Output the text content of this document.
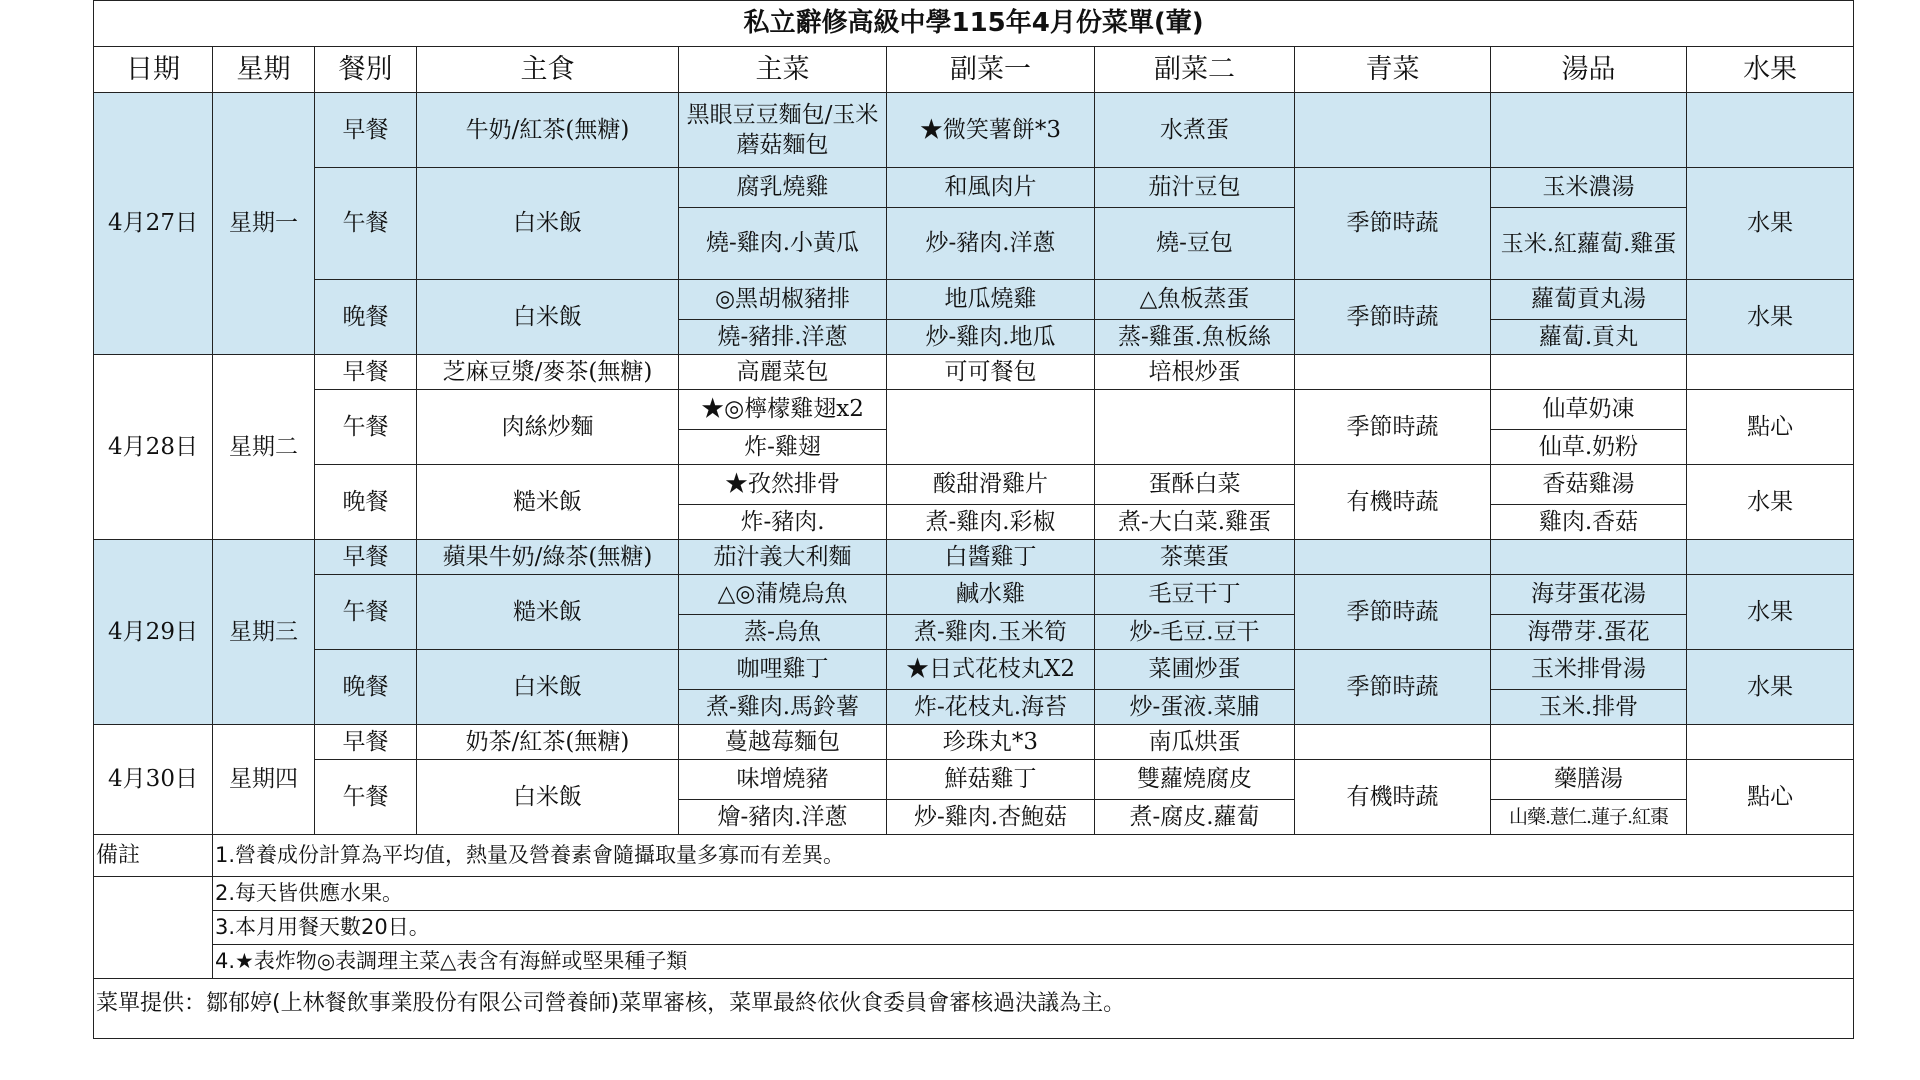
私立辭修高級中學115年4月份菜單(葷)									
日期	星期	餐別	主食	主菜	副菜一	副菜二	青菜	湯品	水果
4月27日	星期一	早餐	牛奶/紅茶(無糖)	黑眼豆豆麵包/玉米蘑菇麵包	★微笑薯餅*3	水煮蛋			
		午餐	白米飯	腐乳燒雞	和風肉片	茄汁豆包	季節時蔬	玉米濃湯	水果
				燒-雞肉.小黃瓜	炒-豬肉.洋蔥	燒-豆包		玉米.紅蘿蔔.雞蛋	
		晚餐	白米飯	◎黑胡椒豬排	地瓜燒雞	△魚板蒸蛋	季節時蔬	蘿蔔貢丸湯	水果
				燒-豬排.洋蔥	炒-雞肉.地瓜	蒸-雞蛋.魚板絲		蘿蔔.貢丸	
4月28日	星期二	早餐	芝麻豆漿/麥茶(無糖)	高麗菜包	可可餐包	培根炒蛋			
		午餐	肉絲炒麵	★◎檸檬雞翅x2			季節時蔬	仙草奶凍	點心
				炸-雞翅				仙草.奶粉	
		晚餐	糙米飯	★孜然排骨	酸甜滑雞片	蛋酥白菜	有機時蔬	香菇雞湯	水果
				炸-豬肉.	煮-雞肉.彩椒	煮-大白菜.雞蛋		雞肉.香菇	
4月29日	星期三	早餐	蘋果牛奶/綠茶(無糖)	茄汁義大利麵	白醬雞丁	茶葉蛋			
		午餐	糙米飯	△◎蒲燒烏魚	鹹水雞	毛豆干丁	季節時蔬	海芽蛋花湯	水果
				蒸-烏魚	煮-雞肉.玉米筍	炒-毛豆.豆干		海帶芽.蛋花	
		晚餐	白米飯	咖哩雞丁	★日式花枝丸X2	菜圃炒蛋	季節時蔬	玉米排骨湯	水果
				煮-雞肉.馬鈴薯	炸-花枝丸.海苔	炒-蛋液.菜脯		玉米.排骨	
4月30日	星期四	早餐	奶茶/紅茶(無糖)	蔓越莓麵包	珍珠丸*3	南瓜烘蛋			
		午餐	白米飯	味增燒豬	鮮菇雞丁	雙蘿燒腐皮	有機時蔬	藥膳湯	點心
				燴-豬肉.洋蔥	炒-雞肉.杏鮑菇	煮-腐皮.蘿蔔		山藥.薏仁.蓮子.紅棗	
備註	1.營養成份計算為平均值，熱量及營養素會隨攝取量多寡而有差異。								
	2.每天皆供應水果。								
	3.本月用餐天數20日。								
	4.★表炸物◎表調理主菜△表含有海鮮或堅果種子類								
菜單提供：鄒郁婷(上林餐飲事業股份有限公司營養師)菜單審核，菜單最終依伙食委員會審核過決議為主。									
